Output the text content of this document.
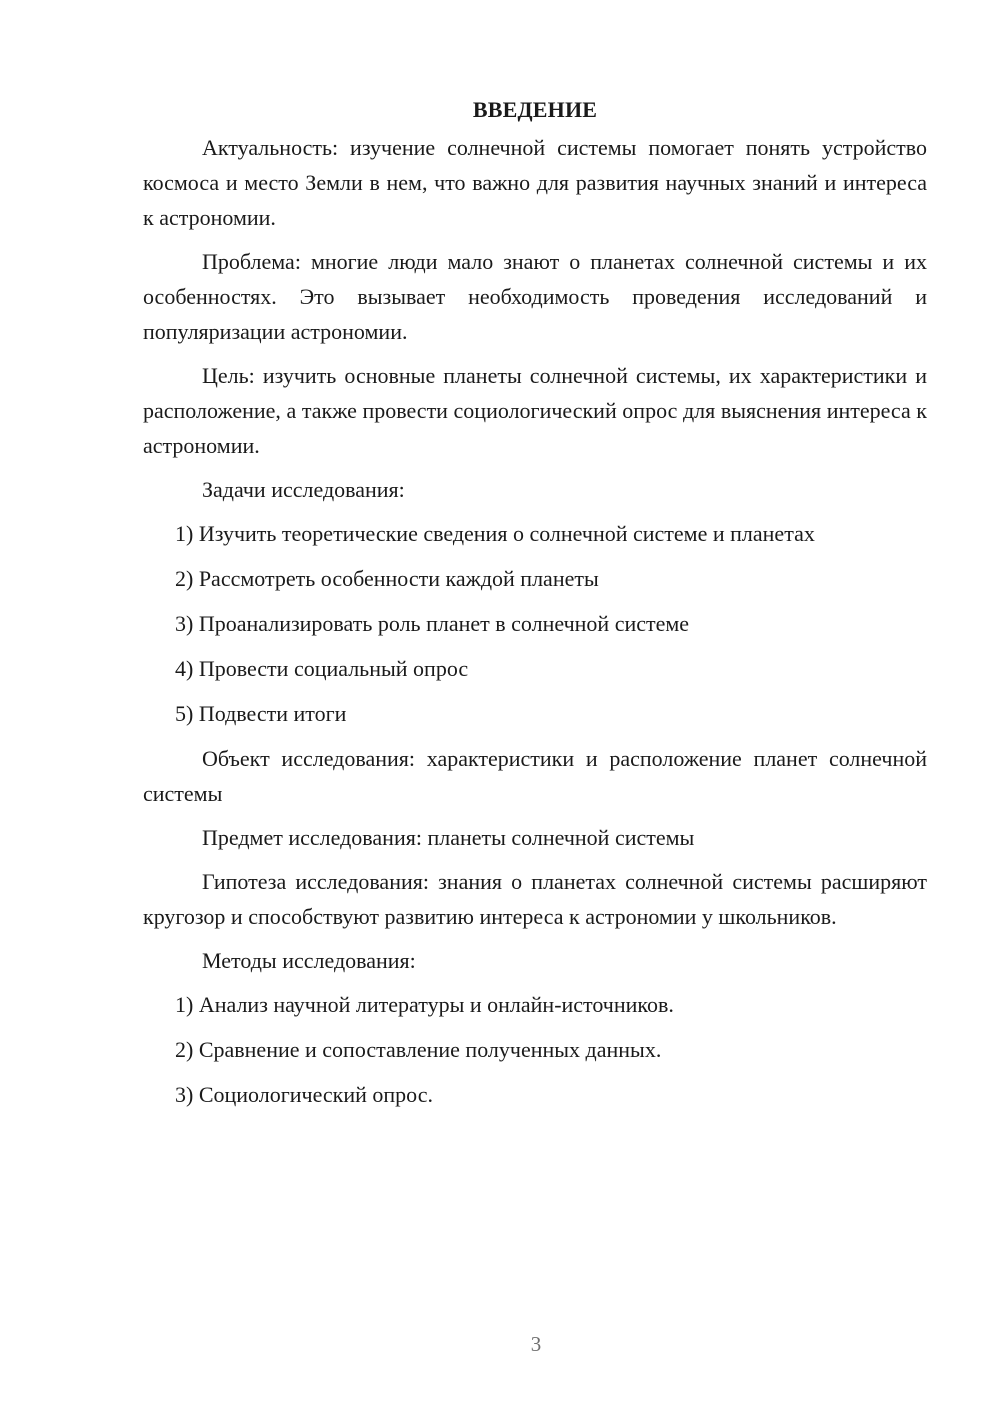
ВВЕДЕНИЕ

Актуальность: изучение солнечной системы помогает понять устройство космоса и место Земли в нем, что важно для развития научных знаний и интереса к астрономии.

Проблема: многие люди мало знают о планетах солнечной системы и их особенностях. Это вызывает необходимость проведения исследований и популяризации астрономии.

Цель: изучить основные планеты солнечной системы, их характеристики и расположение, а также провести социологический опрос для выяснения интереса к астрономии.

Задачи исследования:

1) Изучить теоретические сведения о солнечной системе и планетах

2) Рассмотреть особенности каждой планеты

3) Проанализировать роль планет в солнечной системе

4) Провести социальный опрос

5) Подвести итоги

Объект исследования: характеристики и расположение планет солнечной системы

Предмет исследования: планеты солнечной системы

Гипотеза исследования: знания о планетах солнечной системы расширяют кругозор и способствуют развитию интереса к астрономии у школьников.

Методы исследования:

1) Анализ научной литературы и онлайн-источников.

2) Сравнение и сопоставление полученных данных.

3) Социологический опрос.

3
